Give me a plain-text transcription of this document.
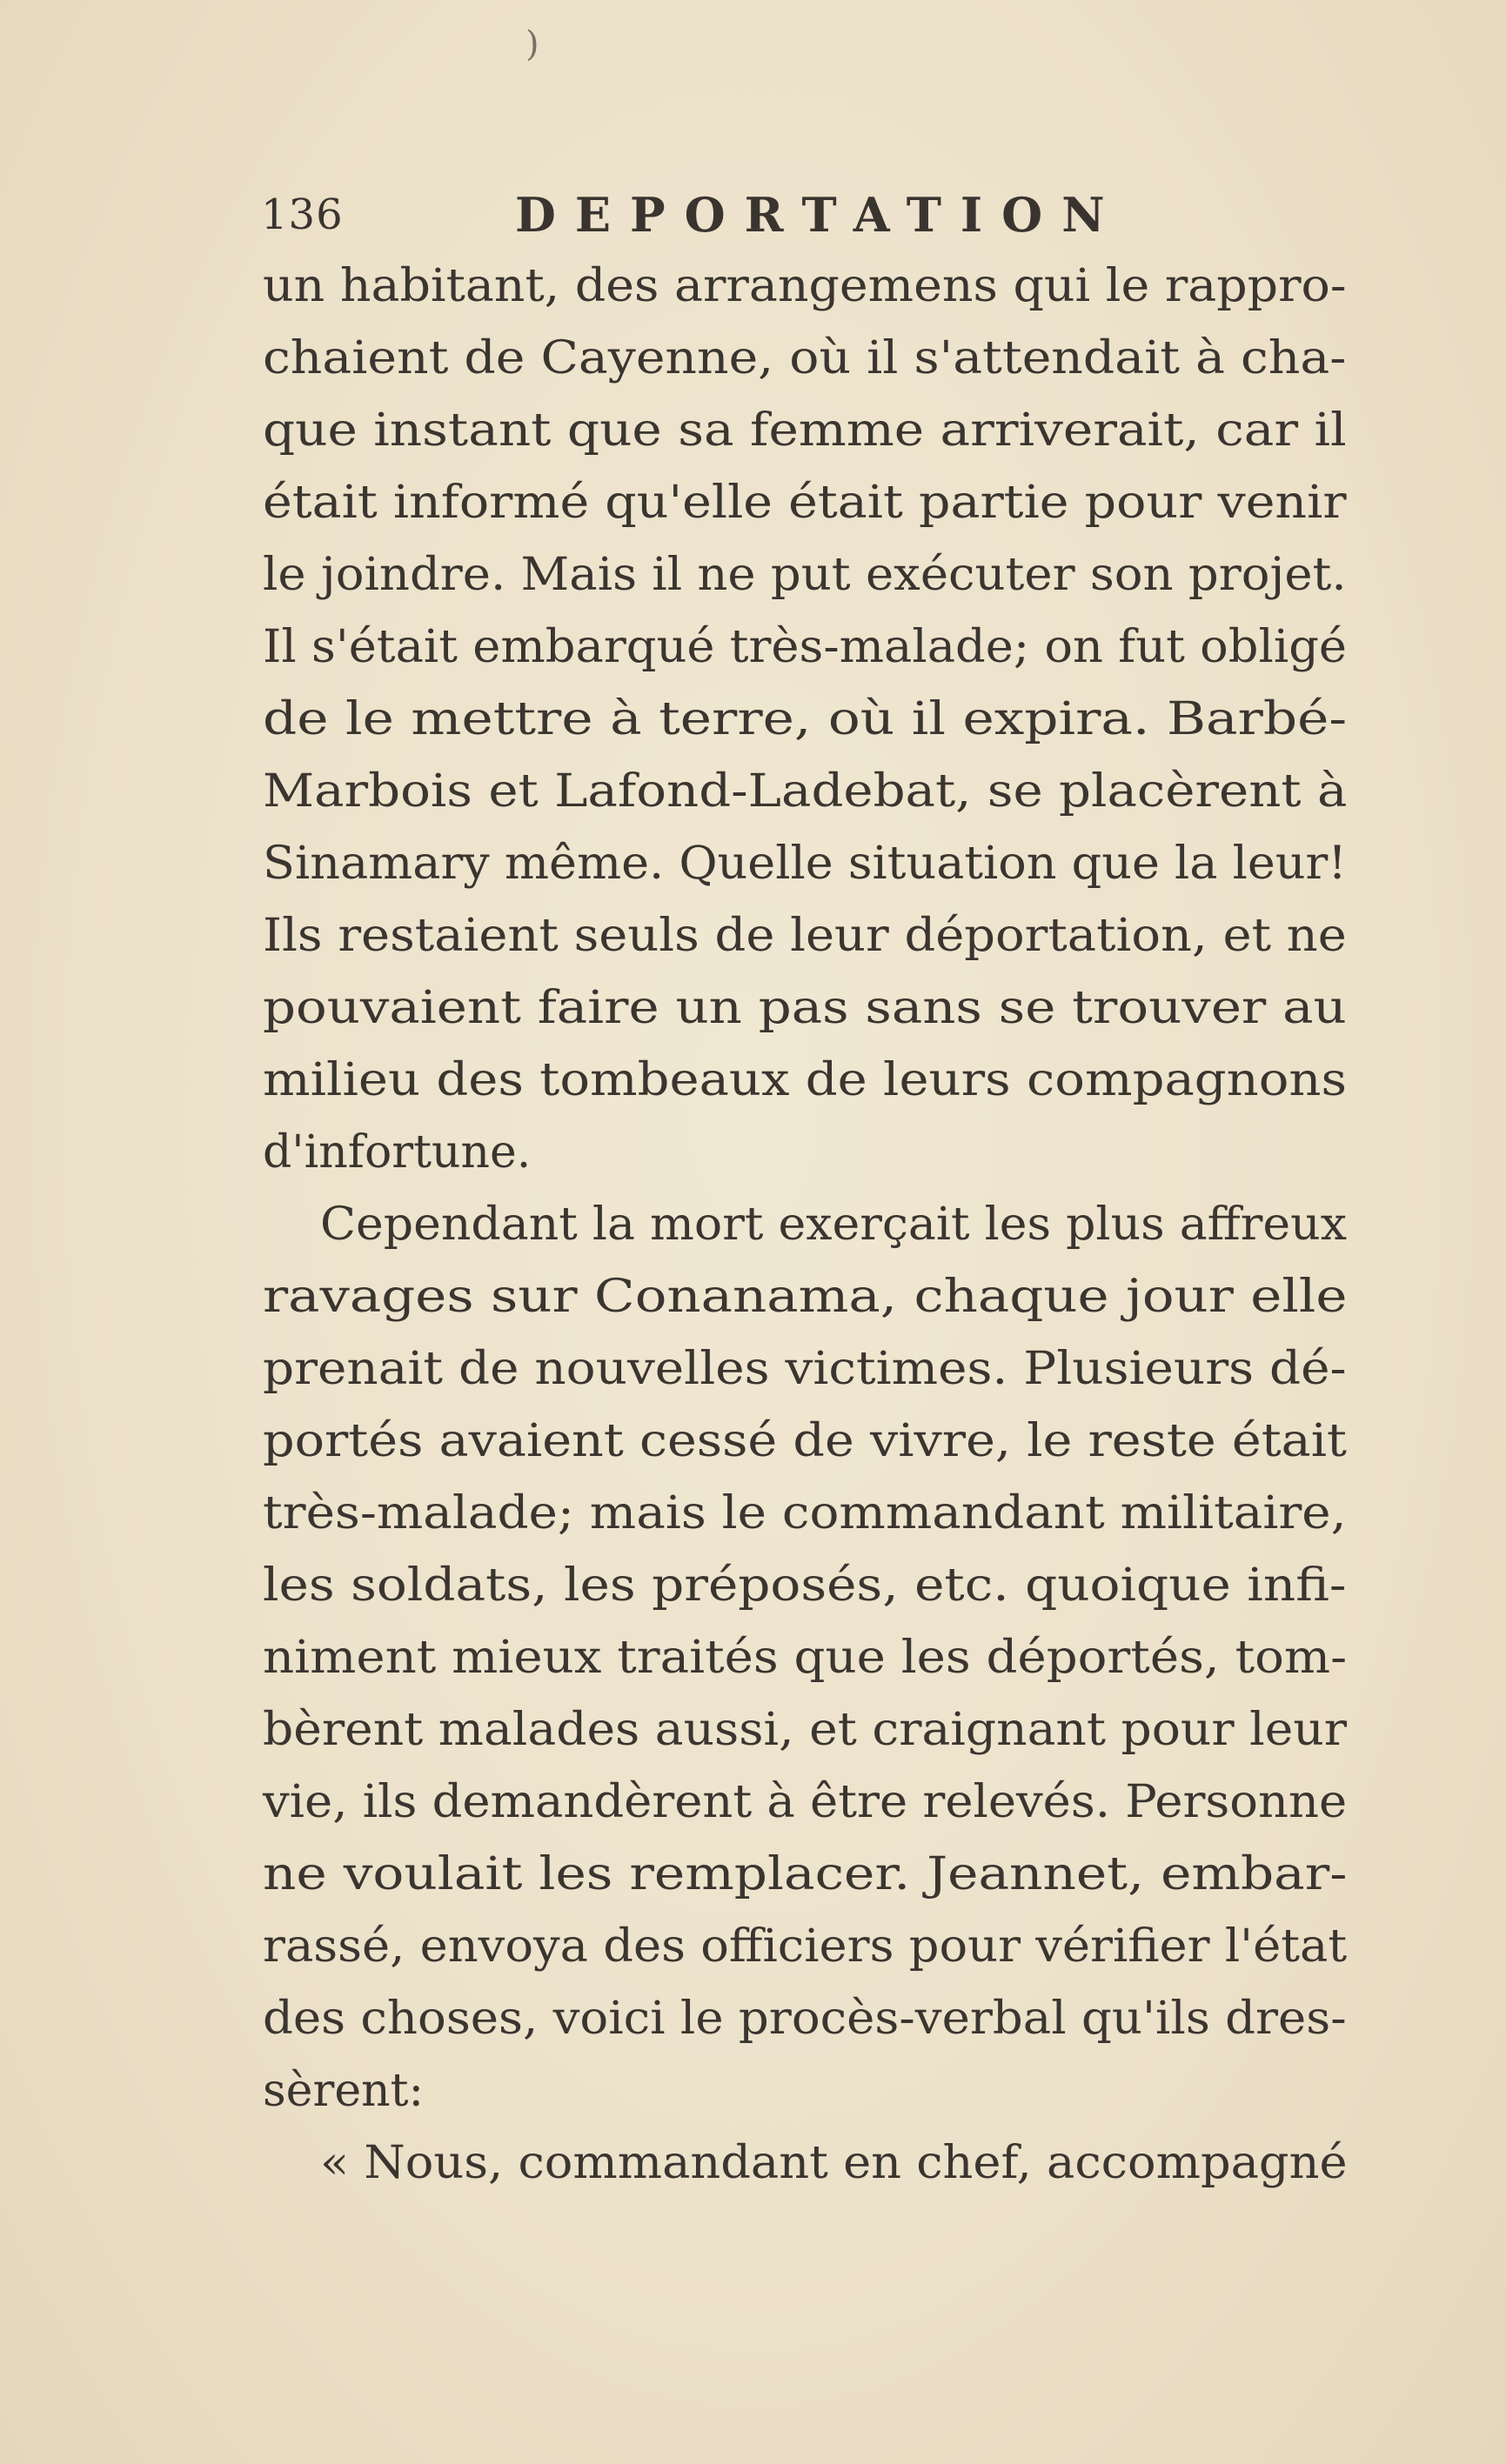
)
136	DEPORTATION
un habitant, des arrangemens qui le rappro-
chaient de Cayenne, où il s'attendait à cha-
que instant que sa femme arriverait, car il
était informé qu'elle était partie pour venir
le joindre. Mais il ne put exécuter son projet.
Il s'était embarqué très-malade; on fut obligé
de le mettre à terre, où il expira. Barbé-
Marbois et Lafond-Ladebat, se placèrent à
Sinamary même. Quelle situation que la leur!
Ils restaient seuls de leur déportation, et ne
pouvaient faire un pas sans se trouver au
milieu des tombeaux de leurs compagnons
d'infortune.
Cependant la mort exerçait les plus affreux
ravages sur Conanama, chaque jour elle
prenait de nouvelles victimes. Plusieurs dé-
portés avaient cessé de vivre, le reste était
très-malade; mais le commandant militaire,
les soldats, les préposés, etc. quoique infi-
niment mieux traités que les déportés, tom-
bèrent malades aussi, et craignant pour leur
vie, ils demandèrent à être relevés. Personne
ne voulait les remplacer. Jeannet, embar-
rassé, envoya des officiers pour vérifier l'état
des choses, voici le procès-verbal qu'ils dres-
sèrent:
« Nous, commandant en chef, accompagné
